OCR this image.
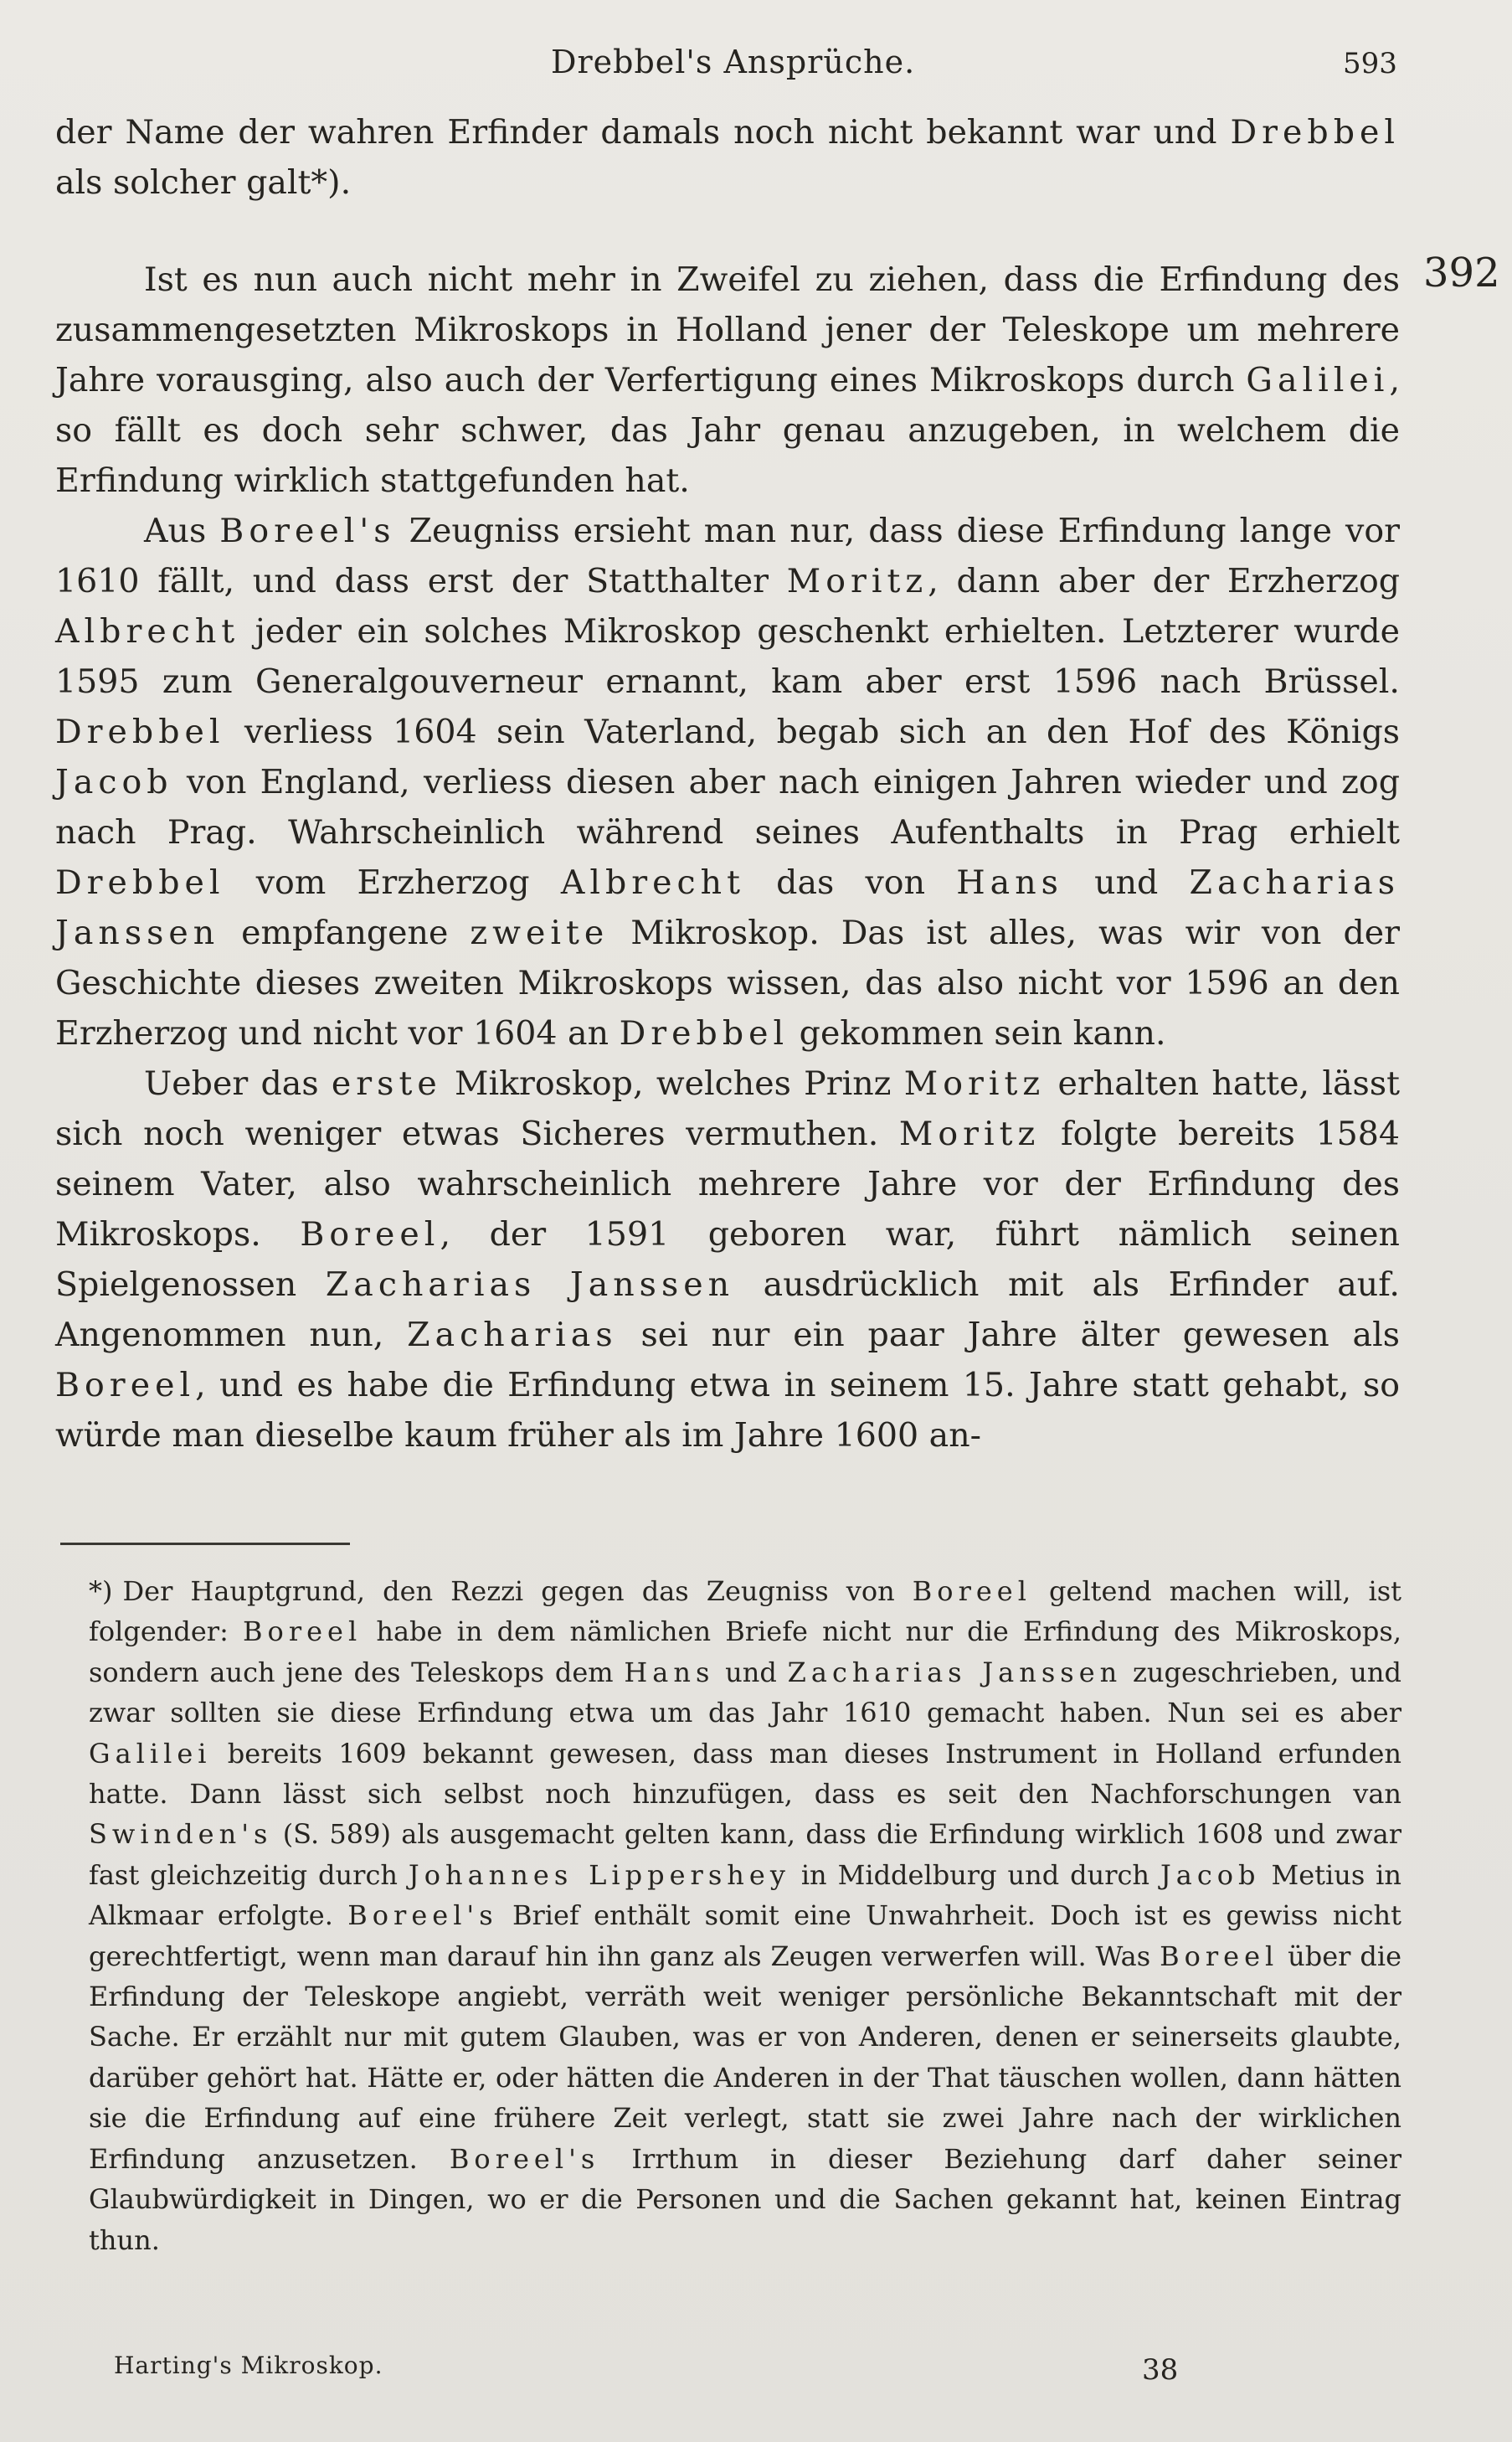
Drebbel's Ansprüche.	593
392

der Name der wahren Erfinder damals noch nicht bekannt war und Drebbel als solcher galt*).

Ist es nun auch nicht mehr in Zweifel zu ziehen, dass die Erfindung des zusammengesetzten Mikroskops in Holland jener der Teleskope um mehrere Jahre vorausging, also auch der Verfertigung eines Mikroskops durch Galilei, so fällt es doch sehr schwer, das Jahr genau anzugeben, in welchem die Erfindung wirklich stattgefunden hat.

Aus Boreel's Zeugniss ersieht man nur, dass diese Erfindung lange vor 1610 fällt, und dass erst der Statthalter Moritz, dann aber der Erzherzog Albrecht jeder ein solches Mikroskop geschenkt erhielten. Letzterer wurde 1595 zum Generalgouverneur ernannt, kam aber erst 1596 nach Brüssel. Drebbel verliess 1604 sein Vaterland, begab sich an den Hof des Königs Jacob von England, verliess diesen aber nach einigen Jahren wieder und zog nach Prag. Wahrscheinlich während seines Aufenthalts in Prag erhielt Drebbel vom Erzherzog Albrecht das von Hans und Zacharias Janssen empfangene zweite Mikroskop. Das ist alles, was wir von der Geschichte dieses zweiten Mikroskops wissen, das also nicht vor 1596 an den Erzherzog und nicht vor 1604 an Drebbel gekommen sein kann.

Ueber das erste Mikroskop, welches Prinz Moritz erhalten hatte, lässt sich noch weniger etwas Sicheres vermuthen. Moritz folgte bereits 1584 seinem Vater, also wahrscheinlich mehrere Jahre vor der Erfindung des Mikroskops. Boreel, der 1591 geboren war, führt nämlich seinen Spielgenossen Zacharias Janssen ausdrücklich mit als Erfinder auf. Angenommen nun, Zacharias sei nur ein paar Jahre älter gewesen als Boreel, und es habe die Erfindung etwa in seinem 15. Jahre statt gehabt, so würde man dieselbe kaum früher als im Jahre 1600 an-

*) Der Hauptgrund, den Rezzi gegen das Zeugniss von Boreel geltend machen will, ist folgender: Boreel habe in dem nämlichen Briefe nicht nur die Erfindung des Mikroskops, sondern auch jene des Teleskops dem Hans und Zacharias Janssen zugeschrieben, und zwar sollten sie diese Erfindung etwa um das Jahr 1610 gemacht haben. Nun sei es aber Galilei bereits 1609 bekannt gewesen, dass man dieses Instrument in Holland erfunden hatte. Dann lässt sich selbst noch hinzufügen, dass es seit den Nachforschungen van Swinden's (S. 589) als ausgemacht gelten kann, dass die Erfindung wirklich 1608 und zwar fast gleichzeitig durch Johannes Lippershey in Middelburg und durch Jacob Metius in Alkmaar erfolgte. Boreel's Brief enthält somit eine Unwahrheit. Doch ist es gewiss nicht gerechtfertigt, wenn man darauf hin ihn ganz als Zeugen verwerfen will. Was Boreel über die Erfindung der Teleskope angiebt, verräth weit weniger persönliche Bekanntschaft mit der Sache. Er erzählt nur mit gutem Glauben, was er von Anderen, denen er seinerseits glaubte, darüber gehört hat. Hätte er, oder hätten die Anderen in der That täuschen wollen, dann hätten sie die Erfindung auf eine frühere Zeit verlegt, statt sie zwei Jahre nach der wirklichen Erfindung anzusetzen. Boreel's Irrthum in dieser Beziehung darf daher seiner Glaubwürdigkeit in Dingen, wo er die Personen und die Sachen gekannt hat, keinen Eintrag thun.

Harting's Mikroskop.	38
